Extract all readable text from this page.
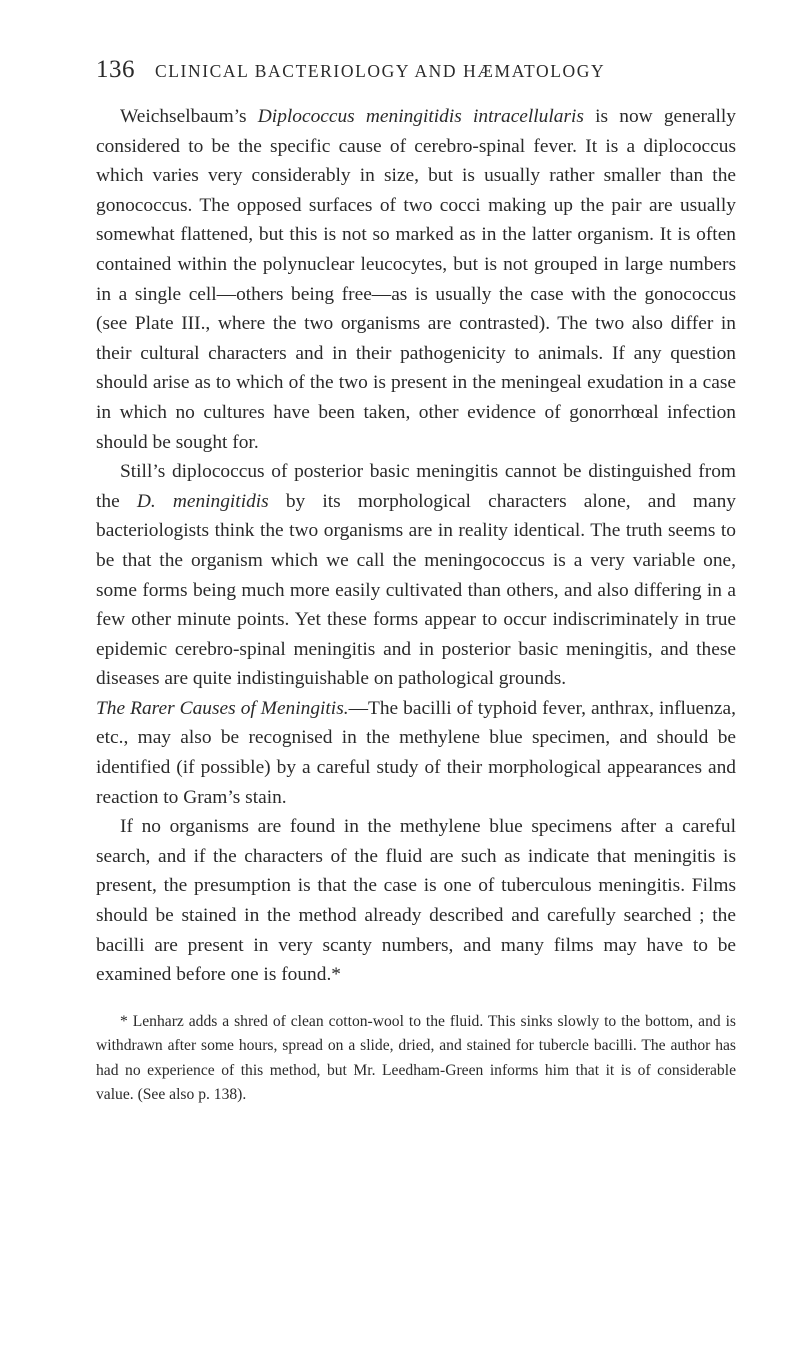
136 CLINICAL BACTERIOLOGY AND HÆMATOLOGY

Weichselbaum’s Diplococcus meningitidis intracellularis is now generally considered to be the specific cause of cerebro-spinal fever. It is a diplococcus which varies very considerably in size, but is usually rather smaller than the gonococcus. The opposed surfaces of two cocci making up the pair are usually somewhat flattened, but this is not so marked as in the latter organism. It is often contained within the polynuclear leucocytes, but is not grouped in large numbers in a single cell—others being free—as is usually the case with the gonococcus (see Plate III., where the two organisms are contrasted). The two also differ in their cultural characters and in their pathogenicity to animals. If any question should arise as to which of the two is present in the meningeal exudation in a case in which no cultures have been taken, other evidence of gonorrhœal infection should be sought for.

Still’s diplococcus of posterior basic meningitis cannot be distinguished from the D. meningitidis by its morphological characters alone, and many bacteriologists think the two organisms are in reality identical. The truth seems to be that the organism which we call the meningococcus is a very variable one, some forms being much more easily cultivated than others, and also differing in a few other minute points. Yet these forms appear to occur indiscriminately in true epidemic cerebro-spinal meningitis and in posterior basic meningitis, and these diseases are quite indistinguishable on pathological grounds.

The Rarer Causes of Meningitis.—The bacilli of typhoid fever, anthrax, influenza, etc., may also be recognised in the methylene blue specimen, and should be identified (if possible) by a careful study of their morphological appearances and reaction to Gram’s stain.

If no organisms are found in the methylene blue specimens after a careful search, and if the characters of the fluid are such as indicate that meningitis is present, the presumption is that the case is one of tuberculous meningitis. Films should be stained in the method already described and carefully searched ; the bacilli are present in very scanty numbers, and many films may have to be examined before one is found.*

* Lenharz adds a shred of clean cotton-wool to the fluid. This sinks slowly to the bottom, and is withdrawn after some hours, spread on a slide, dried, and stained for tubercle bacilli. The author has had no experience of this method, but Mr. Leedham-Green informs him that it is of considerable value. (See also p. 138).
